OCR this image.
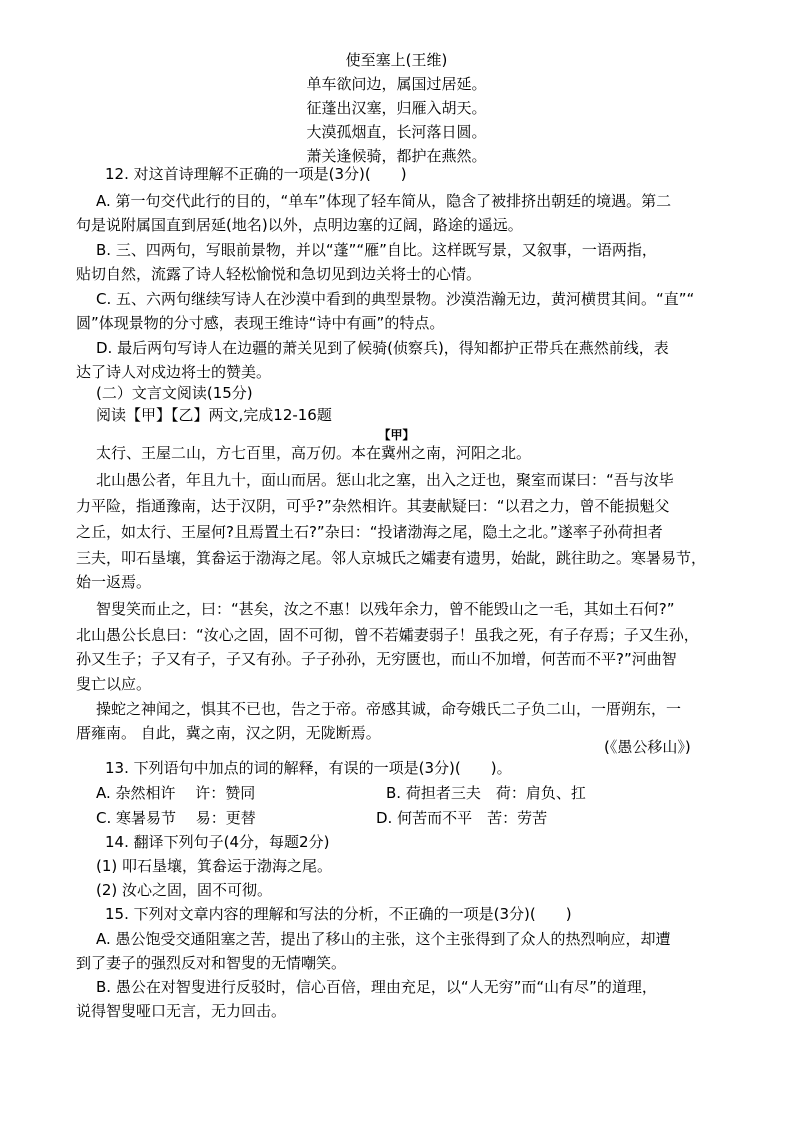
使至塞上(王维)
单车欲问边，属国过居延。
征蓬出汉塞，归雁入胡天。
大漠孤烟直，长河落日圆。
萧关逢候骑，都护在燕然。
12. 对这首诗理解不正确的一项是(3分)(　　)
A. 第一句交代此行的目的，“单车”体现了轻车简从，隐含了被排挤出朝廷的境遇。第二
句是说附属国直到居延(地名)以外，点明边塞的辽阔，路途的遥远。
B. 三、四两句，写眼前景物，并以“蓬”“雁”自比。这样既写景，又叙事，一语两指，
贴切自然，流露了诗人轻松愉悦和急切见到边关将士的心情。
C. 五、六两句继续写诗人在沙漠中看到的典型景物。沙漠浩瀚无边，黄河横贯其间。“直”“
圆”体现景物的分寸感，表现王维诗“诗中有画”的特点。
D. 最后两句写诗人在边疆的萧关见到了候骑(侦察兵)，得知都护正带兵在燕然前线，表
达了诗人对戍边将士的赞美。
(二）文言文阅读(15分)
阅读【甲】【乙】两文,完成12-16题
【甲】
太行、王屋二山，方七百里，高万仞。本在冀州之南，河阳之北。
北山愚公者，年且九十，面山而居。惩山北之塞，出入之迂也，聚室而谋曰：“吾与汝毕
力平险，指通豫南，达于汉阴，可乎?”杂然相许。其妻献疑曰：“以君之力，曾不能损魁父
之丘，如太行、王屋何?且焉置土石?”杂曰：“投诸渤海之尾，隐土之北。”遂率子孙荷担者
三夫，叩石垦壤，箕畚运于渤海之尾。邻人京城氏之孀妻有遗男，始龀，跳往助之。寒暑易节，
始一返焉。
智叟笑而止之，曰：“甚矣，汝之不惠！以残年余力，曾不能毁山之一毛，其如土石何?”
北山愚公长息曰：“汝心之固，固不可彻，曾不若孀妻弱子！虽我之死，有子存焉；子又生孙，
孙又生子；子又有子，子又有孙。子子孙孙，无穷匮也，而山不加增，何苦而不平?”河曲智
叟亡以应。
操蛇之神闻之，惧其不已也，告之于帝。帝感其诚，命夸娥氏二子负二山，一厝朔东，一
厝雍南。 自此，冀之南，汉之阴，无陇断焉。
(《愚公移山》)
13. 下列语句中加点的词的解释，有误的一项是(3分)(　　)。
A. 杂然相许　 许：赞同	B. 荷担者三夫　荷：肩负、扛
C. 寒暑易节　 易：更替	D. 何苦而不平　苦：劳苦
14. 翻译下列句子(4分，每题2分)
(1) 叩石垦壤，箕畚运于渤海之尾。
(2) 汝心之固，固不可彻。
15. 下列对文章内容的理解和写法的分析，不正确的一项是(3分)(　　)
A. 愚公饱受交通阻塞之苦，提出了移山的主张，这个主张得到了众人的热烈响应，却遭
到了妻子的强烈反对和智叟的无情嘲笑。
B. 愚公在对智叟进行反驳时，信心百倍，理由充足，以“人无穷”而“山有尽”的道理，
说得智叟哑口无言，无力回击。
